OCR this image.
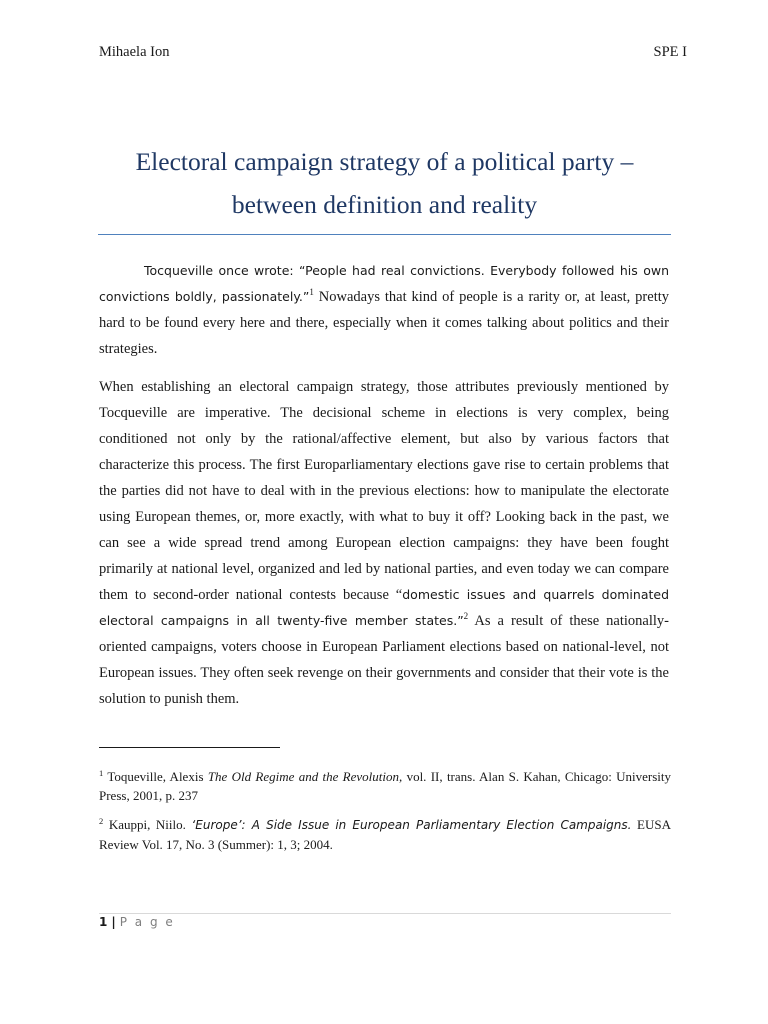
Mihaela Ion	SPE I
Electoral campaign strategy of a political party –
between definition and reality
Tocqueville once wrote: “People had real convictions. Everybody followed his own convictions boldly, passionately.”$^1$ Nowadays that kind of people is a rarity or, at least, pretty hard to be found every here and there, especially when it comes talking about politics and their strategies.
When establishing an electoral campaign strategy, those attributes previously mentioned by Tocqueville are imperative. The decisional scheme in elections is very complex, being conditioned not only by the rational/affective element, but also by various factors that characterize this process. The first Europarliamentary elections gave rise to certain problems that the parties did not have to deal with in the previous elections: how to manipulate the electorate using European themes, or, more exactly, with what to buy it off? Looking back in the past, we can see a wide spread trend among European election campaigns: they have been fought primarily at national level, organized and led by national parties, and even today we can compare them to second-order national contests because “domestic issues and quarrels dominated electoral campaigns in all twenty-five member states.”$^2$ As a result of these nationally-oriented campaigns, voters choose in European Parliament elections based on national-level, not European issues. They often seek revenge on their governments and consider that their vote is the solution to punish them.
$^1$ Toqueville, Alexis The Old Regime and the Revolution, vol. II, trans. Alan S. Kahan, Chicago: University Press, 2001, p. 237
$^2$ Kauppi, Niilo. ‘Europe’: A Side Issue in European Parliamentary Election Campaigns. EUSA Review Vol. 17, No. 3 (Summer): 1, 3; 2004.
1 | P a g e
